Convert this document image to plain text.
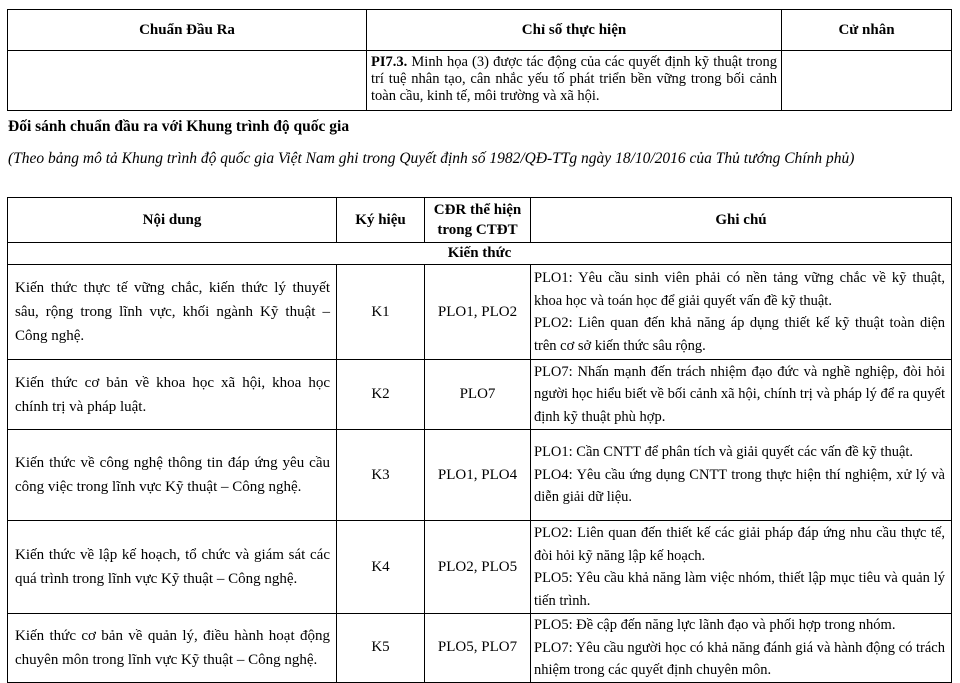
Chuẩn Đầu Ra	Chỉ số thực hiện	Cử nhân
	PI7.3. Minh họa (3) được tác động của các quyết định kỹ thuật trong trí tuệ nhân tạo, cân nhắc yếu tố phát triển bền vững trong bối cảnh toàn cầu, kinh tế, môi trường và xã hội.	
Đối sánh chuẩn đầu ra với Khung trình độ quốc gia
(Theo bảng mô tả Khung trình độ quốc gia Việt Nam ghi trong Quyết định số 1982/QĐ-TTg ngày 18/10/2016 của Thủ tướng Chính phủ)
Nội dung	Ký hiệu	CĐR thể hiện trong CTĐT	Ghi chú
Kiến thức			
Kiến thức thực tế vững chắc, kiến thức lý thuyết sâu, rộng trong lĩnh vực, khối ngành Kỹ thuật – Công nghệ.	K1	PLO1, PLO2	PLO1: Yêu cầu sinh viên phải có nền tảng vững chắc về kỹ thuật, khoa học và toán học để giải quyết vấn đề kỹ thuật.

PLO2: Liên quan đến khả năng áp dụng thiết kế kỹ thuật toàn diện trên cơ sở kiến thức sâu rộng.

Kiến thức cơ bản về khoa học xã hội, khoa học chính trị và pháp luật.	K2	PLO7	PLO7: Nhấn mạnh đến trách nhiệm đạo đức và nghề nghiệp, đòi hỏi người học hiểu biết về bối cảnh xã hội, chính trị và pháp lý để ra quyết định kỹ thuật phù hợp.

Kiến thức về công nghệ thông tin đáp ứng yêu cầu công việc trong lĩnh vực Kỹ thuật – Công nghệ.	K3	PLO1, PLO4	PLO1: Cần CNTT để phân tích và giải quyết các vấn đề kỹ thuật.

PLO4: Yêu cầu ứng dụng CNTT trong thực hiện thí nghiệm, xử lý và diễn giải dữ liệu.

Kiến thức về lập kế hoạch, tổ chức và giám sát các quá trình trong lĩnh vực Kỹ thuật – Công nghệ.	K4	PLO2, PLO5	PLO2: Liên quan đến thiết kế các giải pháp đáp ứng nhu cầu thực tế, đòi hỏi kỹ năng lập kế hoạch.

PLO5: Yêu cầu khả năng làm việc nhóm, thiết lập mục tiêu và quản lý tiến trình.

Kiến thức cơ bản về quản lý, điều hành hoạt động chuyên môn trong lĩnh vực Kỹ thuật – Công nghệ.	K5	PLO5, PLO7	PLO5: Đề cập đến năng lực lãnh đạo và phối hợp trong nhóm.

PLO7: Yêu cầu người học có khả năng đánh giá và hành động có trách nhiệm trong các quyết định chuyên môn.
